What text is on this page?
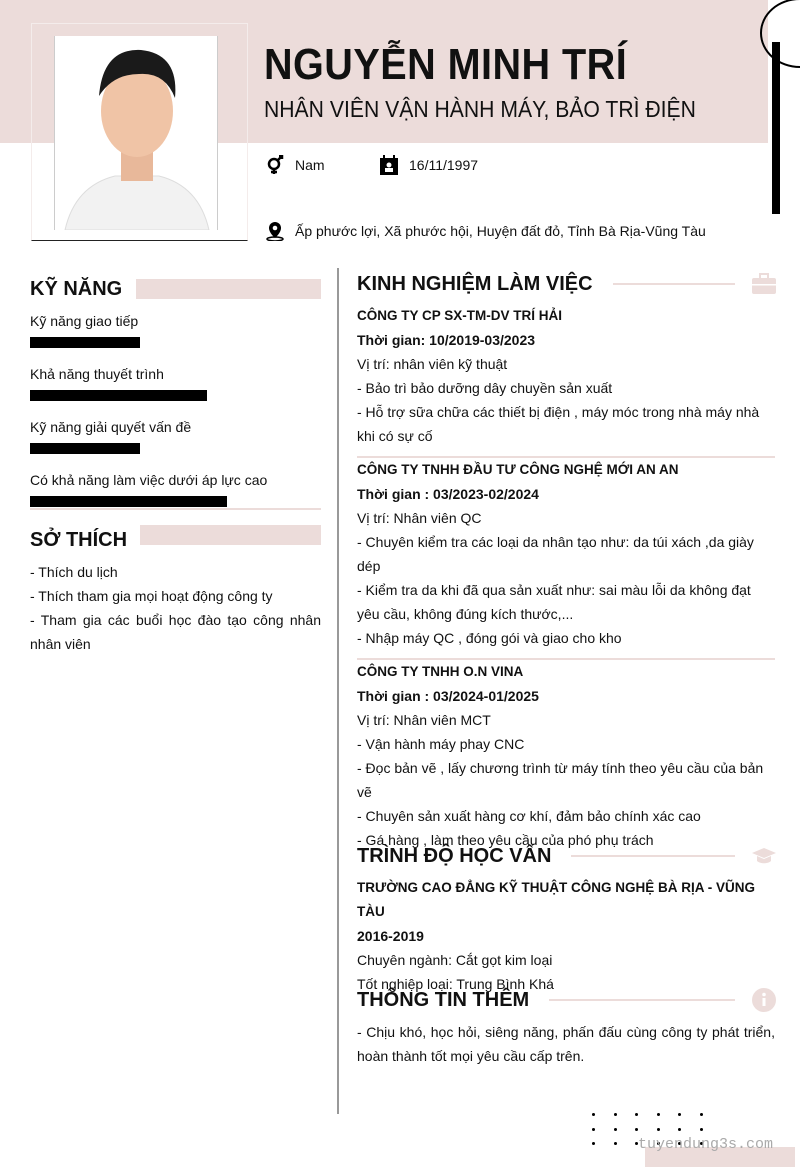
NGUYỄN MINH TRÍ
NHÂN VIÊN VẬN HÀNH MÁY, BẢO TRÌ ĐIỆN
Nam	16/11/1997
Ấp phước lợi, Xã phước hội, Huyện đất đỏ, Tỉnh Bà Rịa-Vũng Tàu
KỸ NĂNG
Kỹ năng giao tiếp
Khả năng thuyết trình
Kỹ năng giải quyết vấn đề
Có khả năng làm việc dưới áp lực cao
SỞ THÍCH
- Thích du lịch
- Thích tham gia mọi hoạt động công ty
- Tham gia các buổi học đào tạo công nhân nhân viên
KINH NGHIỆM LÀM VIỆC
CÔNG TY CP SX-TM-DV TRÍ HẢI
Thời gian: 10/2019-03/2023
Vị trí: nhân viên kỹ thuật
- Bảo trì bảo dưỡng dây chuyền sản xuất
- Hỗ trợ sữa chữa các thiết bị điện , máy móc trong nhà máy nhà khi có sự cố
CÔNG TY TNHH ĐẦU TƯ CÔNG NGHỆ MỚI AN AN
Thời gian : 03/2023-02/2024
Vị trí: Nhân viên QC
- Chuyên kiểm tra các loại da nhân tạo như: da túi xách ,da giày dép
- Kiểm tra da khi đã qua sản xuất như: sai màu lỗi da không đạt yêu cầu, không đúng kích thước,...
- Nhập máy QC , đóng gói và giao cho kho
CÔNG TY TNHH O.N VINA
Thời gian : 03/2024-01/2025
Vị trí: Nhân viên MCT
- Vận hành máy phay CNC
- Đọc bản vẽ , lấy chương trình từ máy tính theo yêu cầu của bản vẽ
- Chuyên sản xuất hàng cơ khí, đảm bảo chính xác cao
- Gá hàng , làm theo yêu cầu của phó phụ trách
TRÌNH ĐỘ HỌC VẤN
TRƯỜNG CAO ĐẲNG KỸ THUẬT CÔNG NGHỆ BÀ RỊA - VŨNG TÀU
2016-2019
Chuyên ngành: Cắt gọt kim loại
Tốt nghiệp loại: Trung Bình Khá
THÔNG TIN THÊM
- Chịu khó, học hỏi, siêng năng, phấn đấu cùng công ty phát triển, hoàn thành tốt mọi yêu cầu cấp trên.
tuyendung3s.com
